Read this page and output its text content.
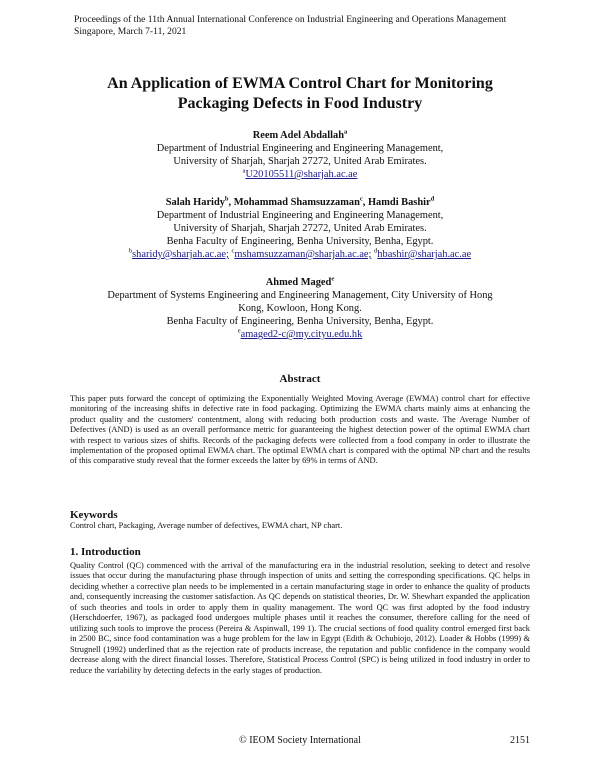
Proceedings of the 11th Annual International Conference on Industrial Engineering and Operations Management
Singapore, March 7-11, 2021
An Application of EWMA Control Chart for Monitoring
Packaging Defects in Food Industry
Reem Adel Abdallah$^a$
Department of Industrial Engineering and Engineering Management,
University of Sharjah, Sharjah 27272, United Arab Emirates.
$^a$U20105511@sharjah.ac.ae
Salah Haridy$^b$, Mohammad Shamsuzzaman$^c$, Hamdi Bashir$^d$
Department of Industrial Engineering and Engineering Management,
University of Sharjah, Sharjah 27272, United Arab Emirates.
Benha Faculty of Engineering, Benha University, Benha, Egypt.
$^b$sharidy@sharjah.ac.ae; $^c$mshamsuzzaman@sharjah.ac.ae; $^d$hbashir@sharjah.ac.ae
Ahmed Maged$^e$
Department of Systems Engineering and Engineering Management, City University of Hong
Kong, Kowloon, Hong Kong.
Benha Faculty of Engineering, Benha University, Benha, Egypt.
$^e$amaged2-c@my.cityu.edu.hk
Abstract
This paper puts forward the concept of optimizing the Exponentially Weighted Moving Average (EWMA) control chart for effective monitoring of the increasing shifts in defective rate in food packaging. Optimizing the EWMA charts mainly aims at enhancing the product quality and the customers' contentment, along with reducing both production costs and waste. The Average Number of Defectives (AND) is used as an overall performance metric for guaranteeing the highest detection power of the optimal EWMA chart with respect to various sizes of shifts. Records of the packaging defects were collected from a food company in order to illustrate the implementation of the proposed optimal EWMA chart. The optimal EWMA chart is compared with the optimal NP chart and the results of this comparative study reveal that the former exceeds the latter by 69% in terms of AND.
Keywords
Control chart, Packaging, Average number of defectives, EWMA chart, NP chart.
1. Introduction
Quality Control (QC) commenced with the arrival of the manufacturing era in the industrial resolution, seeking to detect and resolve issues that occur during the manufacturing phase through inspection of units and setting the corresponding specifications. QC helps in deciding whether a corrective plan needs to be implemented in a certain manufacturing stage in order to enhance the quality of products and, consequently increasing the customer satisfaction. As QC depends on statistical theories, Dr. W. Shewhart expanded the application of such theories and tools in order to apply them in quality management. The word QC was first adopted by the food industry (Herschdoerfer, 1967), as packaged food undergoes multiple phases until it reaches the consumer, therefore calling for the need of utilizing such tools to improve the process (Pereira & Aspinwall, 199 1). The crucial sections of food quality control emerged first back in 2500 BC, since food contamination was a huge problem for the law in Egypt (Edith & Ochubiojo, 2012). Loader & Hobbs (1999) & Strugnell (1992) underlined that as the rejection rate of products increase, the reputation and public confidence in the company would decrease along with the direct financial losses. Therefore, Statistical Process Control (SPC) is being utilized in food industry in order to reduce the variability by detecting defects in the early stages of production.
© IEOM Society International	2151
